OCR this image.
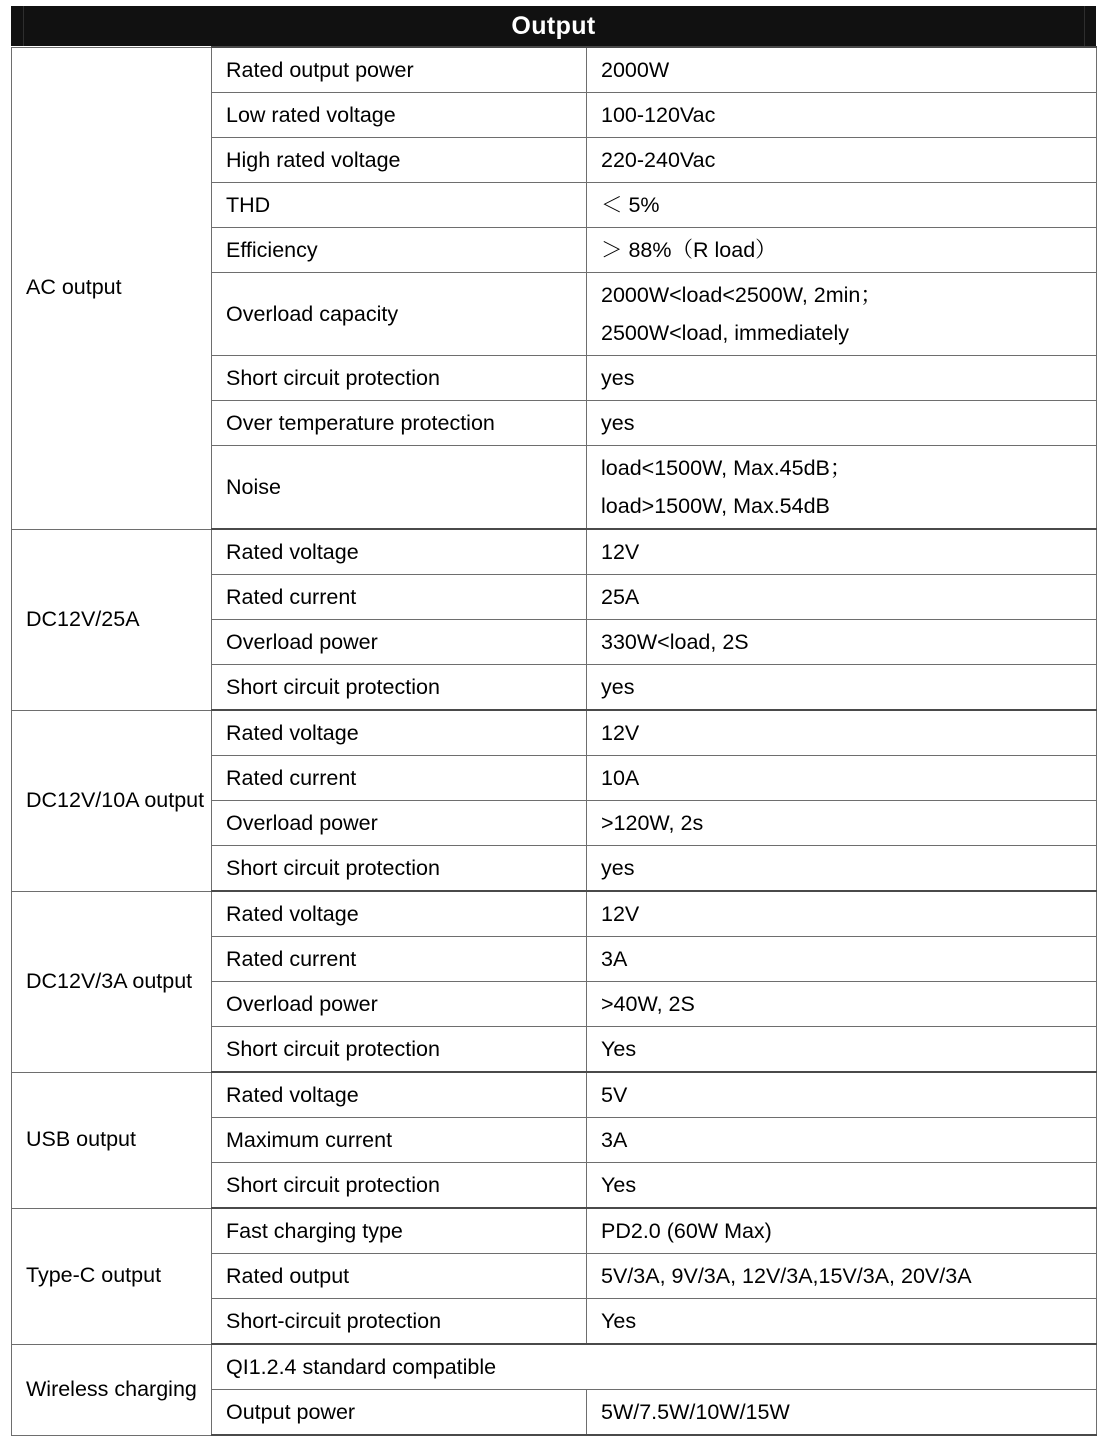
Output
AC output	Rated output power	2000W

	Low rated voltage	100-120Vac

	High rated voltage	220-240Vac

	THD	＜ 5%

	Efficiency	＞ 88%（R load）

	Overload capacity	2000W<load<2500W, 2min；
2500W<load, immediately

	Short circuit protection	yes

	Over temperature protection	yes

	Noise	load<1500W, Max.45dB；
load>1500W, Max.54dB

DC12V/25A	Rated voltage	12V

	Rated current	25A

	Overload power	330W<load, 2S

	Short circuit protection	yes

DC12V/10A output	Rated voltage	12V

	Rated current	10A

	Overload power	>120W, 2s

	Short circuit protection	yes

DC12V/3A output	Rated voltage	12V

	Rated current	3A

	Overload power	>40W, 2S

	Short circuit protection	Yes

USB output	Rated voltage	5V

	Maximum current	3A

	Short circuit protection	Yes

Type-C output	Fast charging type	PD2.0 (60W Max)

	Rated output	5V/3A, 9V/3A, 12V/3A,15V/3A, 20V/3A

	Short-circuit protection	Yes

Wireless charging	QI1.2.4 standard compatible	
	Output power	5W/7.5W/10W/15W
